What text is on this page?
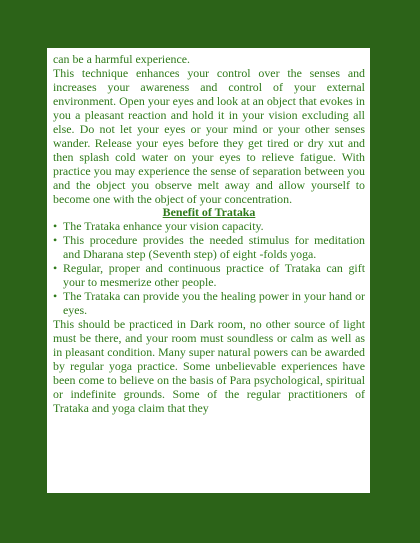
can be a harmful experience.

This technique enhances your control over the senses and increases your awareness and control of your external environment. Open your eyes and look at an object that evokes in you a pleasant reaction and hold it in your vision excluding all else. Do not let your eyes or your mind or your other senses wander. Release your eyes before they get tired or dry xut and then splash cold water on your eyes to relieve fatigue. With practice you may experience the sense of separation between you and the object you observe melt away and allow yourself to become one with the object of your concentration.

Benefit of Trataka

• The Trataka enhance your vision capacity.
• This procedure provides the needed stimulus for meditation and Dharana step (Seventh step) of eight -folds yoga.
• Regular, proper and continuous practice of Trataka can gift your to mesmerize other people.
• The Trataka can provide you the healing power in your hand or eyes.

This should be practiced in Dark room, no other source of light must be there, and your room must soundless or calm as well as in pleasant condition. Many super natural powers can be awarded by regular yoga practice. Some unbelievable experiences have been come to believe on the basis of Para psychological, spiritual or indefinite grounds. Some of the regular practitioners of Trataka and yoga claim that they
